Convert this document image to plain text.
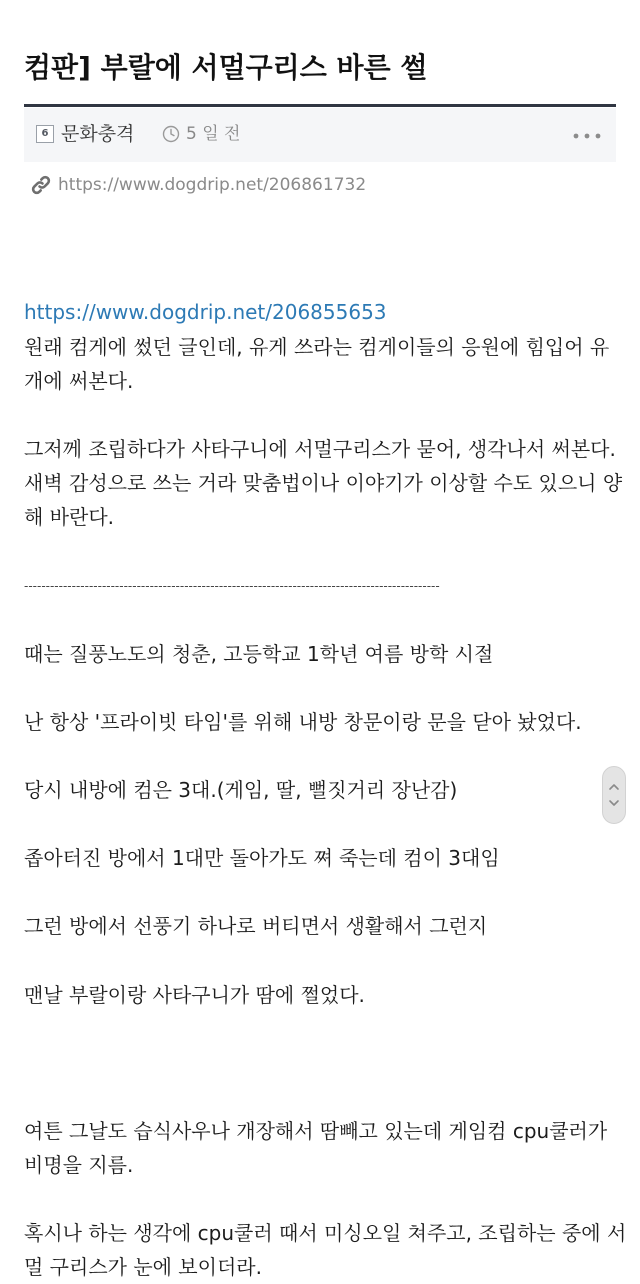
컴판] 부랄에 서멀구리스 바른 썰
6 문화충격	5 일 전
https://www.dogdrip.net/206861732
https://www.dogdrip.net/206855653
원래 컴게에 썼던 글인데, 유게 쓰라는 컴게이들의 응원에 힘입어 유
개에 써본다.
그저께 조립하다가 사타구니에 서멀구리스가 묻어, 생각나서 써본다.
새벽 감성으로 쓰는 거라 맞춤법이나 이야기가 이상할 수도 있으니 양
해 바란다.
------------------------------------------------------------------------------------------------
때는 질풍노도의 청춘, 고등학교 1학년 여름 방학 시절
난 항상 '프라이빗 타임'를 위해 내방 창문이랑 문을 닫아 놨었다.
당시 내방에 컴은 3대.(게임, 딸, 뻘짓거리 장난감)
좁아터진 방에서 1대만 돌아가도 쪄 죽는데 컴이 3대임
그런 방에서 선풍기 하나로 버티면서 생활해서 그런지
맨날 부랄이랑 사타구니가 땀에 쩔었다.
여튼 그날도 습식사우나 개장해서 땀빼고 있는데 게임컴 cpu쿨러가
비명을 지름.
혹시나 하는 생각에 cpu쿨러 때서 미싱오일 쳐주고, 조립하는 중에 서
멀 구리스가 눈에 보이더라.
